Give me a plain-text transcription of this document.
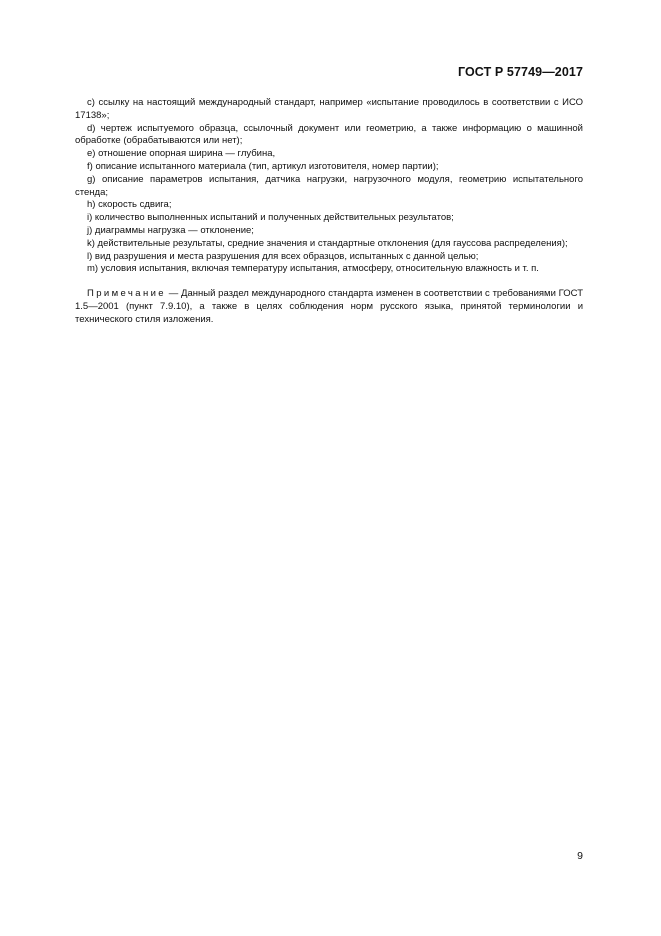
ГОСТ Р 57749—2017

с) ссылку на настоящий международный стандарт, например «испытание проводилось в соответствии с ИСО 17138»;

d) чертеж испытуемого образца, ссылочный документ или геометрию, а также информацию о машинной обработке (обрабатываются или нет);

е) отношение опорная ширина — глубина,

f) описание испытанного материала (тип, артикул изготовителя, номер партии);

g) описание параметров испытания, датчика нагрузки, нагрузочного модуля, геометрию испытательного стенда;

h) скорость сдвига;

i) количество выполненных испытаний и полученных действительных результатов;

j) диаграммы нагрузка — отклонение;

k) действительные результаты, средние значения и стандартные отклонения (для гауссова распределения);

l) вид разрушения и места разрушения для всех образцов, испытанных с данной целью;

m) условия испытания, включая температуру испытания, атмосферу, относительную влажность и т. п.

Примечание — Данный раздел международного стандарта изменен в соответствии с требованиями ГОСТ 1.5—2001 (пункт 7.9.10), а также в целях соблюдения норм русского языка, принятой терминологии и технического стиля изложения.

9
